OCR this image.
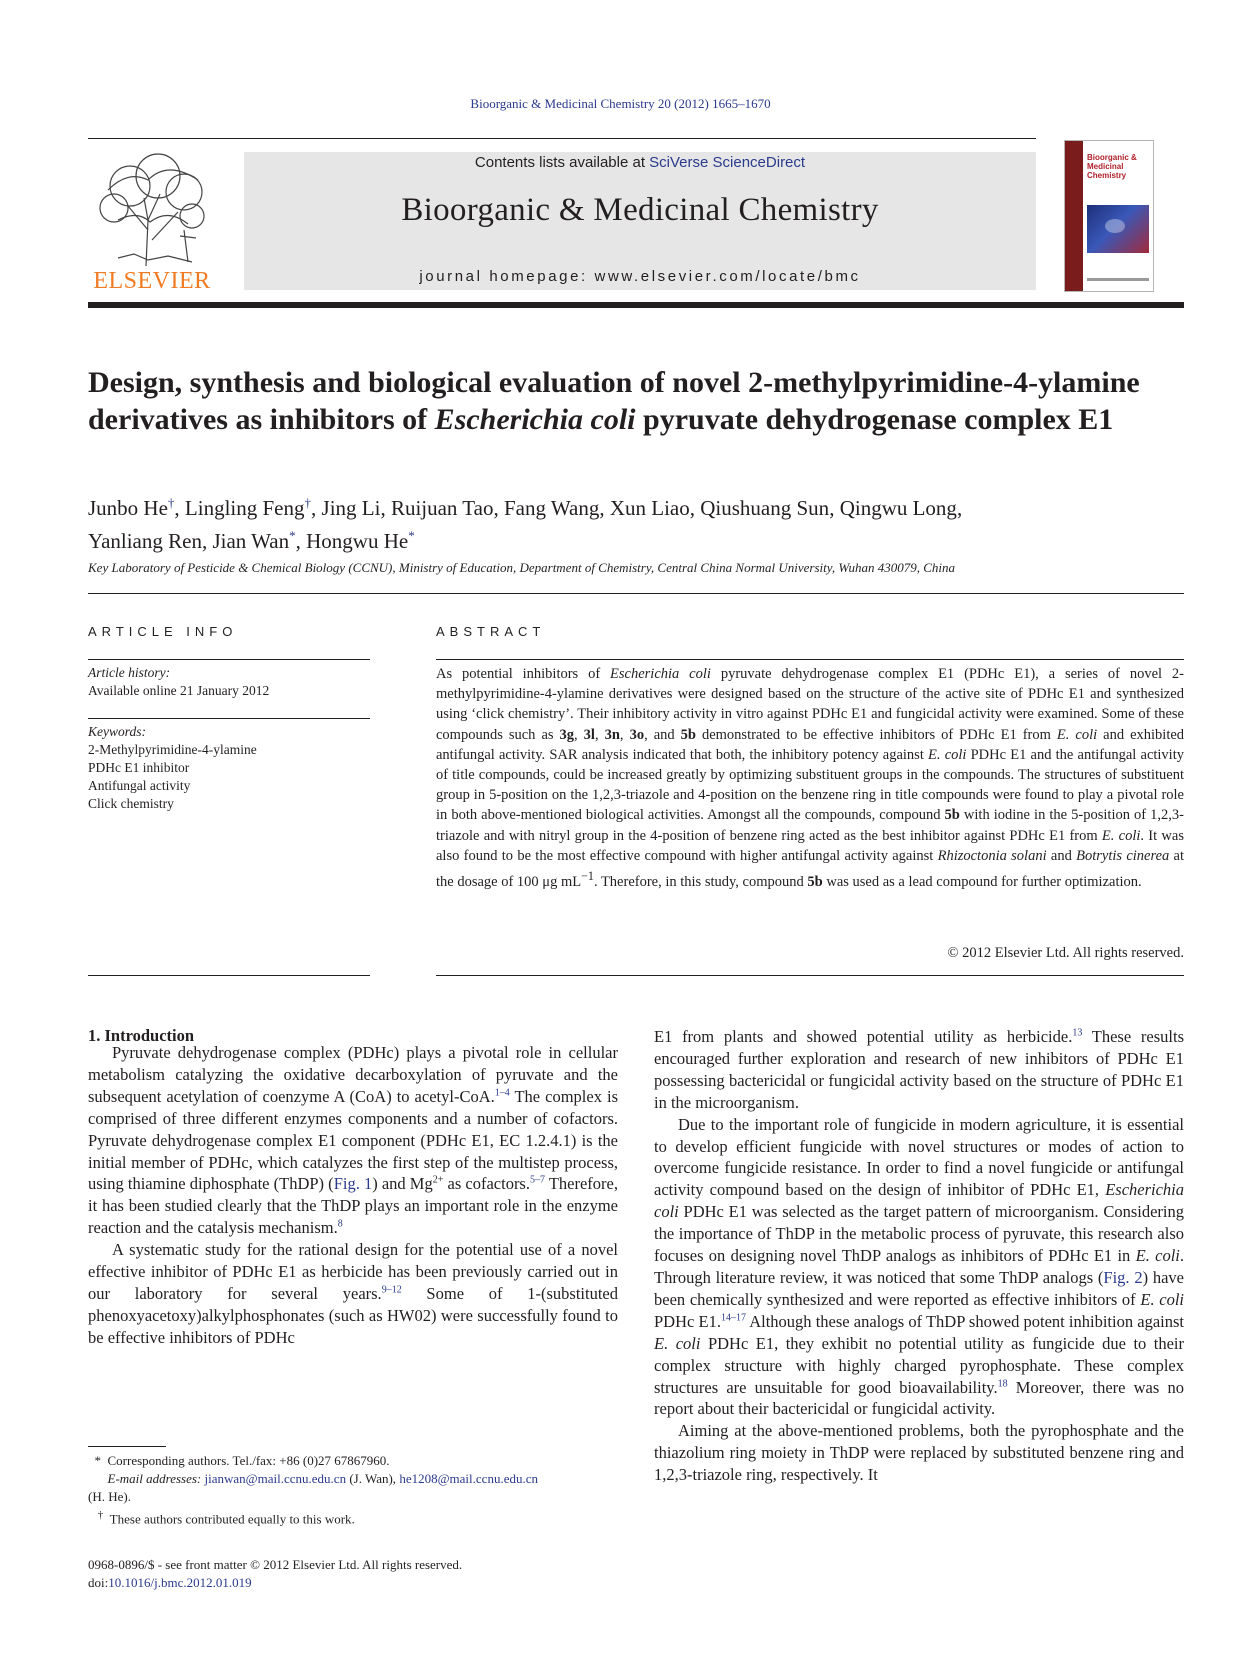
Bioorganic & Medicinal Chemistry 20 (2012) 1665–1670
ELSEVIER
Contents lists available at SciVerse ScienceDirect
Bioorganic & Medicinal Chemistry
journal homepage: www.elsevier.com/locate/bmc
Bioorganic & Medicinal Chemistry
Design, synthesis and biological evaluation of novel 2-methylpyrimidine-4-ylamine derivatives as inhibitors of Escherichia coli pyruvate dehydrogenase complex E1
Junbo He†, Lingling Feng†, Jing Li, Ruijuan Tao, Fang Wang, Xun Liao, Qiushuang Sun, Qingwu Long,
Yanliang Ren, Jian Wan*, Hongwu He*
Key Laboratory of Pesticide & Chemical Biology (CCNU), Ministry of Education, Department of Chemistry, Central China Normal University, Wuhan 430079, China
ARTICLE INFO
Article history:
Available online 21 January 2012
Keywords:
2-Methylpyrimidine-4-ylamine
PDHc E1 inhibitor
Antifungal activity
Click chemistry
ABSTRACT
As potential inhibitors of Escherichia coli pyruvate dehydrogenase complex E1 (PDHc E1), a series of novel 2-methylpyrimidine-4-ylamine derivatives were designed based on the structure of the active site of PDHc E1 and synthesized using ‘click chemistry’. Their inhibitory activity in vitro against PDHc E1 and fungicidal activity were examined. Some of these compounds such as 3g, 3l, 3n, 3o, and 5b demonstrated to be effective inhibitors of PDHc E1 from E. coli and exhibited antifungal activity. SAR analysis indicated that both, the inhibitory potency against E. coli PDHc E1 and the antifungal activity of title compounds, could be increased greatly by optimizing substituent groups in the compounds. The structures of substituent group in 5-position on the 1,2,3-triazole and 4-position on the benzene ring in title compounds were found to play a pivotal role in both above-mentioned biological activities. Amongst all the compounds, compound 5b with iodine in the 5-position of 1,2,3-triazole and with nitryl group in the 4-position of benzene ring acted as the best inhibitor against PDHc E1 from E. coli. It was also found to be the most effective compound with higher antifungal activity against Rhizoctonia solani and Botrytis cinerea at the dosage of 100 μg $mL^{-1}$. Therefore, in this study, compound 5b was used as a lead compound for further optimization.
© 2012 Elsevier Ltd. All rights reserved.
1. Introduction

Pyruvate dehydrogenase complex (PDHc) plays a pivotal role in cellular metabolism catalyzing the oxidative decarboxylation of pyruvate and the subsequent acetylation of coenzyme A (CoA) to acetyl-CoA.$^{1-4}$ The complex is comprised of three different enzymes components and a number of cofactors. Pyruvate dehydrogenase complex E1 component (PDHc E1, EC 1.2.4.1) is the initial member of PDHc, which catalyzes the first step of the multistep process, using thiamine diphosphate (ThDP) (Fig. 1) and $Mg^{2+}$ as cofactors.$^{5-7}$ Therefore, it has been studied clearly that the ThDP plays an important role in the enzyme reaction and the catalysis mechanism.$^8$

A systematic study for the rational design for the potential use of a novel effective inhibitor of PDHc E1 as herbicide has been previously carried out in our laboratory for several years.$^{9-12}$ Some of 1-(substituted phenoxyacetoxy)alkylphosphonates (such as HW02) were successfully found to be effective inhibitors of PDHc

E1 from plants and showed potential utility as herbicide.$^{13}$ These results encouraged further exploration and research of new inhibitors of PDHc E1 possessing bactericidal or fungicidal activity based on the structure of PDHc E1 in the microorganism.

Due to the important role of fungicide in modern agriculture, it is essential to develop efficient fungicide with novel structures or modes of action to overcome fungicide resistance. In order to find a novel fungicide or antifungal activity compound based on the design of inhibitor of PDHc E1, Escherichia coli PDHc E1 was selected as the target pattern of microorganism. Considering the importance of ThDP in the metabolic process of pyruvate, this research also focuses on designing novel ThDP analogs as inhibitors of PDHc E1 in E. coli. Through literature review, it was noticed that some ThDP analogs (Fig. 2) have been chemically synthesized and were reported as effective inhibitors of E. coli PDHc E1.$^{14-17}$ Although these analogs of ThDP showed potent inhibition against E. coli PDHc E1, they exhibit no potential utility as fungicide due to their complex structure with highly charged pyrophosphate. These complex structures are unsuitable for good bioavailability.$^{18}$ Moreover, there was no report about their bactericidal or fungicidal activity.

Aiming at the above-mentioned problems, both the pyrophosphate and the thiazolium ring moiety in ThDP were replaced by substituted benzene ring and 1,2,3-triazole ring, respectively. It

*  Corresponding authors. Tel./fax: +86 (0)27 67867960.
E-mail addresses: jianwan@mail.ccnu.edu.cn (J. Wan), he1208@mail.ccnu.edu.cn
(H. He).
†  These authors contributed equally to this work.
0968-0896/$ - see front matter © 2012 Elsevier Ltd. All rights reserved.
doi:10.1016/j.bmc.2012.01.019
